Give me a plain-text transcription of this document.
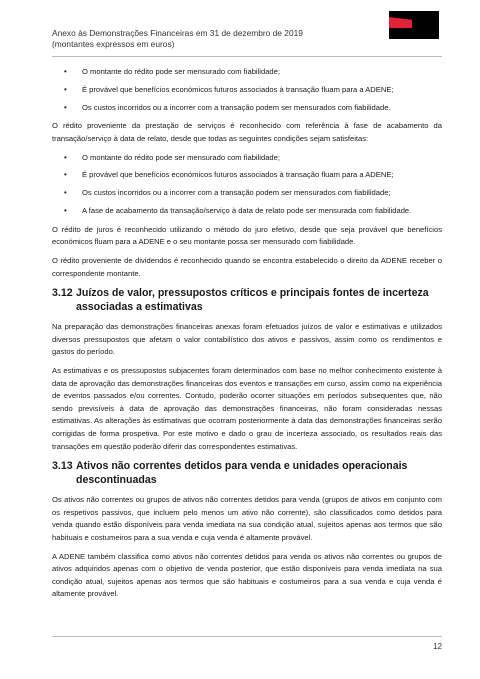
Anexo às Demonstrações Financeiras em 31 de dezembro de 2019
(montantes expressos em euros)
• O montante do rédito pode ser mensurado com fiabilidade;
• É provável que benefícios económicos futuros associados à transação fluam para a ADENE;
• Os custos incorridos ou a incorrer com a transação podem ser mensurados com fiabilidade.

O rédito proveniente da prestação de serviços é reconhecido com referência à fase de acabamento da transação/serviço à data de relato, desde que todas as seguintes condições sejam satisfeitas:

• O montante do rédito pode ser mensurado com fiabilidade;
• É provável que benefícios económicos futuros associados à transação fluam para a ADENE;
• Os custos incorridos ou a incorrer com a transação podem ser mensurados com fiabilidade;
• A fase de acabamento da transação/serviço à data de relato pode ser mensurada com fiabilidade.

O rédito de juros é reconhecido utilizando o método do juro efetivo, desde que seja provável que benefícios económicos fluam para a ADENE e o seu montante possa ser mensurado com fiabilidade.

O rédito proveniente de dividendos é reconhecido quando se encontra estabelecido o direito da ADENE receber o correspondente montante.

3.12 Juízos de valor, pressupostos críticos e principais fontes de incerteza associadas a estimativas

Na preparação das demonstrações financeiras anexas foram efetuados juízos de valor e estimativas e utilizados diversos pressupostos que afetam o valor contabilístico dos ativos e passivos, assim como os rendimentos e gastos do período.

As estimativas e os pressupostos subjacentes foram determinados com base no melhor conhecimento existente à data de aprovação das demonstrações financeiras dos eventos e transações em curso, assim como na experiência de eventos passados e/ou correntes. Contudo, poderão ocorrer situações em períodos subsequentes que, não sendo previsíveis à data de aprovação das demonstrações financeiras, não foram consideradas nessas estimativas. As alterações às estimativas que ocorram posteriormente à data das demonstrações financeiras serão corrigidas de forma prospetiva. Por este motivo e dado o grau de incerteza associado, os resultados reais das transações em questão poderão diferir das correspondentes estimativas.

3.13 Ativos não correntes detidos para venda e unidades operacionais descontinuadas

Os ativos não correntes ou grupos de ativos não correntes detidos para venda (grupos de ativos em conjunto com os respetivos passivos, que incluem pelo menos um ativo não corrente), são classificados como detidos para venda quando estão disponíveis para venda imediata na sua condição atual, sujeitos apenas aos termos que são habituais e costumeiros para a sua venda e cuja venda é altamente provável.

A ADENE também classifica como ativos não correntes detidos para venda os ativos não correntes ou grupos de ativos adquiridos apenas com o objetivo de venda posterior, que estão disponíveis para venda imediata na sua condição atual, sujeitos apenas aos termos que são habituais e costumeiros para a sua venda e cuja venda é altamente provável.

12
